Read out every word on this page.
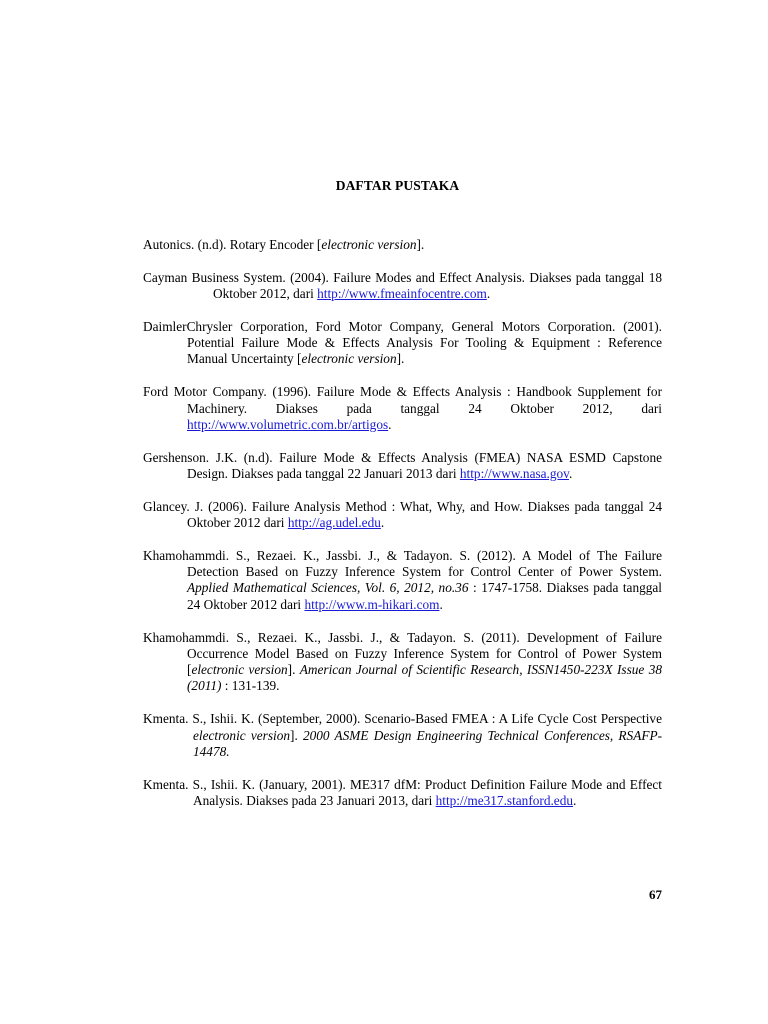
DAFTAR PUSTAKA

Autonics. (n.d). Rotary Encoder [electronic version].

Cayman Business System. (2004). Failure Modes and Effect Analysis. Diakses pada tanggal 18 Oktober 2012, dari http://www.fmeainfocentre.com.

DaimlerChrysler Corporation, Ford Motor Company, General Motors Corporation. (2001). Potential Failure Mode & Effects Analysis For Tooling & Equipment : Reference Manual Uncertainty [electronic version].

Ford Motor Company. (1996). Failure Mode & Effects Analysis : Handbook Supplement for Machinery. Diakses pada tanggal 24 Oktober 2012, dari http://www.volumetric.com.br/artigos.

Gershenson. J.K. (n.d). Failure Mode & Effects Analysis (FMEA) NASA ESMD Capstone Design. Diakses pada tanggal 22 Januari 2013 dari http://www.nasa.gov.

Glancey. J. (2006). Failure Analysis Method : What, Why, and How. Diakses pada tanggal 24 Oktober 2012 dari http://ag.udel.edu.

Khamohammdi. S., Rezaei. K., Jassbi. J., & Tadayon. S. (2012). A Model of The Failure Detection Based on Fuzzy Inference System for Control Center of Power System. Applied Mathematical Sciences, Vol. 6, 2012, no.36 : 1747-1758. Diakses pada tanggal 24 Oktober 2012 dari http://www.m-hikari.com.

Khamohammdi. S., Rezaei. K., Jassbi. J., & Tadayon. S. (2011). Development of Failure Occurrence Model Based on Fuzzy Inference System for Control of Power System [electronic version]. American Journal of Scientific Research, ISSN1450-223X Issue 38 (2011) : 131-139.

Kmenta. S., Ishii. K. (September, 2000). Scenario-Based FMEA : A Life Cycle Cost Perspective electronic version]. 2000 ASME Design Engineering Technical Conferences, RSAFP-14478.

Kmenta. S., Ishii. K. (January, 2001). ME317 dfM: Product Definition Failure Mode and Effect Analysis. Diakses pada 23 Januari 2013, dari http://me317.stanford.edu.

67
